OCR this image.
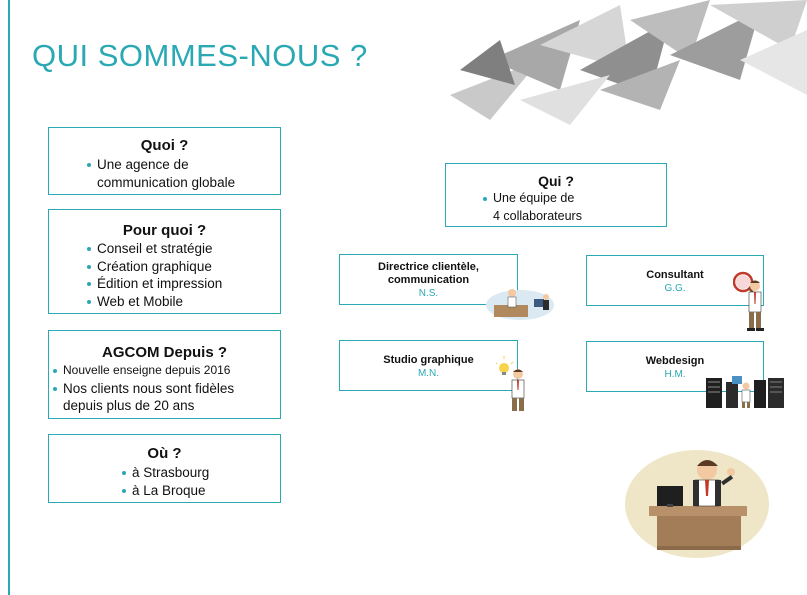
QUI SOMMES-NOUS ?
Quoi ?
Une agence de
communication globale
Pour quoi ?
Conseil et stratégie
Création graphique
Édition et impression
Web et Mobile
AGCOM Depuis ?
Nouvelle enseigne depuis 2016
Nos clients nous sont fidèles
depuis plus de 20 ans
Où ?
à Strasbourg
à La Broque
Qui ?
Une équipe de
4 collaborateurs
Directrice clientèle, communication
N.S.
Consultant
G.G.
Studio graphique
M.N.
Webdesign
H.M.
